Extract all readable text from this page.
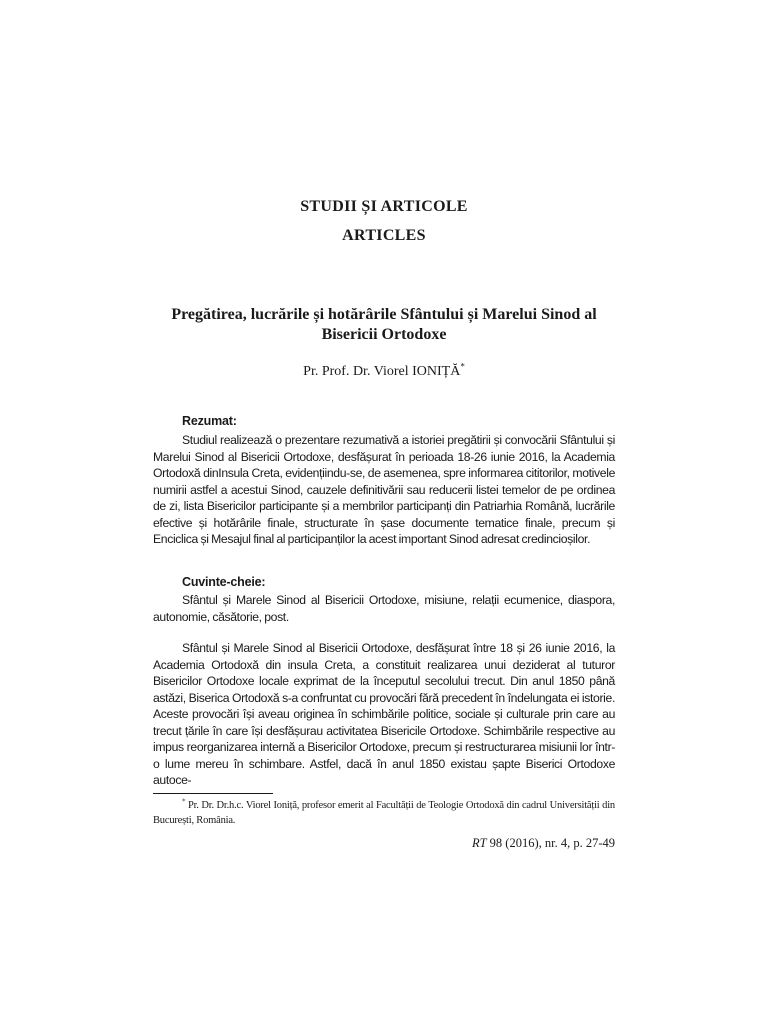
STUDII ȘI ARTICOLE
ARTICLES
Pregătirea, lucrările și hotărârile Sfântului și Marelui Sinod al Bisericii Ortodoxe
Pr. Prof. Dr. Viorel IONIȚĂ*
Rezumat:
Studiul realizează o prezentare rezumativă a istoriei pregătirii și convocării Sfântului și Marelui Sinod al Bisericii Ortodoxe, desfășurat în perioada 18-26 iunie 2016, la Academia Ortodoxă dinInsula Creta, evidențiindu-se, de asemenea, spre informarea cititorilor, motivele numirii astfel a acestui Sinod, cauzele definitivării sau reducerii listei temelor de pe ordinea de zi, lista Bisericilor participante și a membrilor participanți din Patriarhia Română, lucrările efective și hotărârile finale, structurate în șase documente tematice finale, precum și Enciclica și Mesajul final al participanților la acest important Sinod adresat credincioșilor.
Cuvinte-cheie:
Sfântul și Marele Sinod al Bisericii Ortodoxe, misiune, relații ecumenice, diaspora, autonomie, căsătorie, post.
Sfântul și Marele Sinod al Bisericii Ortodoxe, desfășurat între 18 și 26 iunie 2016, la Academia Ortodoxă din insula Creta, a constituit realizarea unui deziderat al tuturor Bisericilor Ortodoxe locale exprimat de la începutul secolului trecut. Din anul 1850 până astăzi, Biserica Ortodoxă s-a confruntat cu provocări fără precedent în îndelungata ei istorie. Aceste provocări își aveau originea în schimbările politice, sociale și culturale prin care au trecut țările în care își desfășurau activitatea Bisericile Ortodoxe. Schimbările respective au impus reorganizarea internă a Bisericilor Ortodoxe, precum și restructurarea misiunii lor într-o lume mereu în schimbare. Astfel, dacă în anul 1850 existau șapte Biserici Ortodoxe autoce-
* Pr. Dr. Dr.h.c. Viorel Ioniță, profesor emerit al Facultății de Teologie Ortodoxă din cadrul Universității din București, România.
RT 98 (2016), nr. 4, p. 27-49
